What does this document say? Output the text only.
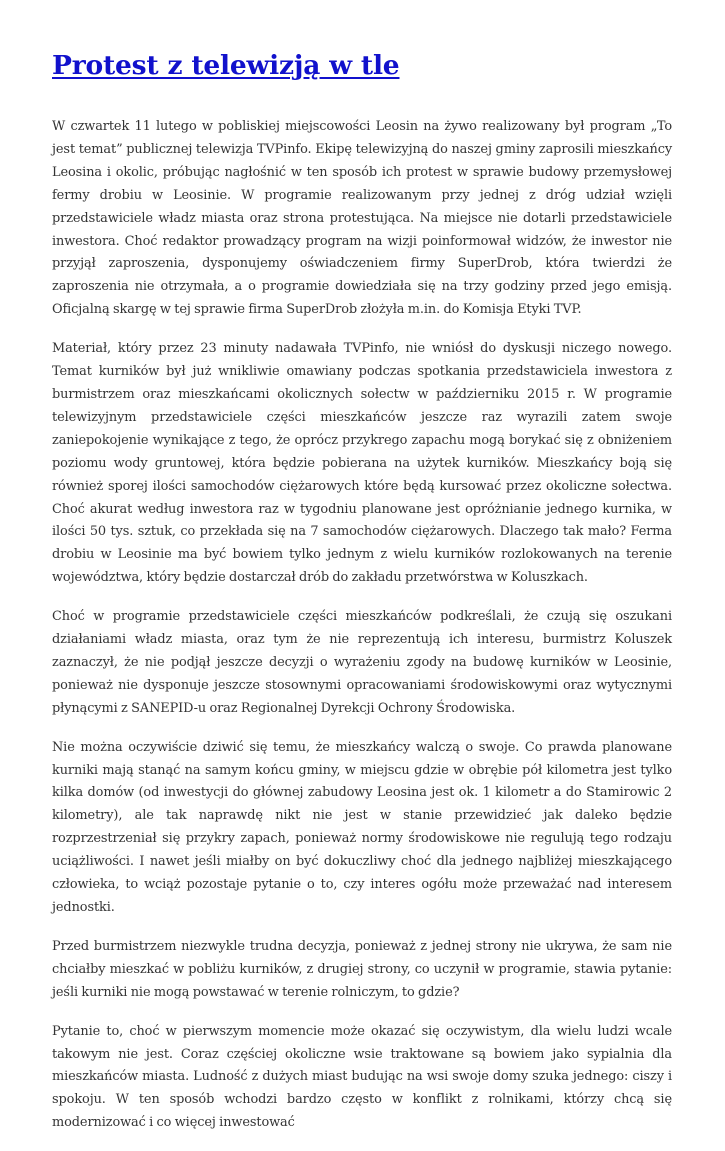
Protest z telewizją w tle

W czwartek 11 lutego w pobliskiej miejscowości Leosin na żywo realizowany był program „To jest temat” publicznej telewizja TVPinfo. Ekipę telewizyjną do naszej gminy zaprosili mieszkańcy Leosina i okolic, próbując nagłośnić w ten sposób ich protest w sprawie budowy przemysłowej fermy drobiu w Leosinie. W programie realizowanym przy jednej z dróg udział wzięli przedstawiciele władz miasta oraz strona protestująca. Na miejsce nie dotarli przedstawiciele inwestora. Choć redaktor prowadzący program na wizji poinformował widzów, że inwestor nie przyjął zaproszenia, dysponujemy oświadczeniem firmy SuperDrob, która twierdzi że zaproszenia nie otrzymała, a o programie dowiedziała się na trzy godziny przed jego emisją. Oficjalną skargę w tej sprawie firma SuperDrob złożyła m.in. do Komisja Etyki TVP.

Materiał, który przez 23 minuty nadawała TVPinfo, nie wniósł do dyskusji niczego nowego. Temat kurników był już wnikliwie omawiany podczas spotkania przedstawiciela inwestora z burmistrzem oraz mieszkańcami okolicznych sołectw w październiku 2015 r. W programie telewizyjnym przedstawiciele części mieszkańców jeszcze raz wyrazili zatem swoje zaniepokojenie wynikające z tego, że oprócz przykrego zapachu mogą borykać się z obniżeniem poziomu wody gruntowej, która będzie pobierana na użytek kurników. Mieszkańcy boją się również sporej ilości samochodów ciężarowych które będą kursować przez okoliczne sołectwa. Choć akurat według inwestora raz w tygodniu planowane jest opróżnianie jednego kurnika, w ilości 50 tys. sztuk, co przekłada się na 7 samochodów ciężarowych. Dlaczego tak mało? Ferma drobiu w Leosinie ma być bowiem tylko jednym z wielu kurników rozlokowanych na terenie województwa, który będzie dostarczał drób do zakładu przetwórstwa w Koluszkach.

Choć w programie przedstawiciele części mieszkańców podkreślali, że czują się oszukani działaniami władz miasta, oraz tym że nie reprezentują ich interesu, burmistrz Koluszek zaznaczył, że nie podjął jeszcze decyzji o wyrażeniu zgody na budowę kurników w Leosinie, ponieważ nie dysponuje jeszcze stosownymi opracowaniami środowiskowymi oraz wytycznymi płynącymi z SANEPID-u oraz Regionalnej Dyrekcji Ochrony Środowiska.

Nie można oczywiście dziwić się temu, że mieszkańcy walczą o swoje. Co prawda planowane kurniki mają stanąć na samym końcu gminy, w miejscu gdzie w obrębie pół kilometra jest tylko kilka domów (od inwestycji do głównej zabudowy Leosina jest ok. 1 kilometr a do Stamirowic 2 kilometry), ale tak naprawdę nikt nie jest w stanie przewidzieć jak daleko będzie rozprzestrzeniał się przykry zapach, ponieważ normy środowiskowe nie regulują tego rodzaju uciążliwości. I nawet jeśli miałby on być dokuczliwy choć dla jednego najbliżej mieszkającego człowieka, to wciąż pozostaje pytanie o to, czy interes ogółu może przeważać nad interesem jednostki.

Przed burmistrzem niezwykle trudna decyzja, ponieważ z jednej strony nie ukrywa, że sam nie chciałby mieszkać w pobliżu kurników, z drugiej strony, co uczynił w programie, stawia pytanie: jeśli kurniki nie mogą powstawać w terenie rolniczym, to gdzie?

Pytanie to, choć w pierwszym momencie może okazać się oczywistym, dla wielu ludzi wcale takowym nie jest. Coraz częściej okoliczne wsie traktowane są bowiem jako sypialnia dla mieszkańców miasta. Ludność z dużych miast budując na wsi swoje domy szuka jednego: ciszy i spokoju. W ten sposób wchodzi bardzo często w konflikt z rolnikami, którzy chcą się modernizować i co więcej inwestować
